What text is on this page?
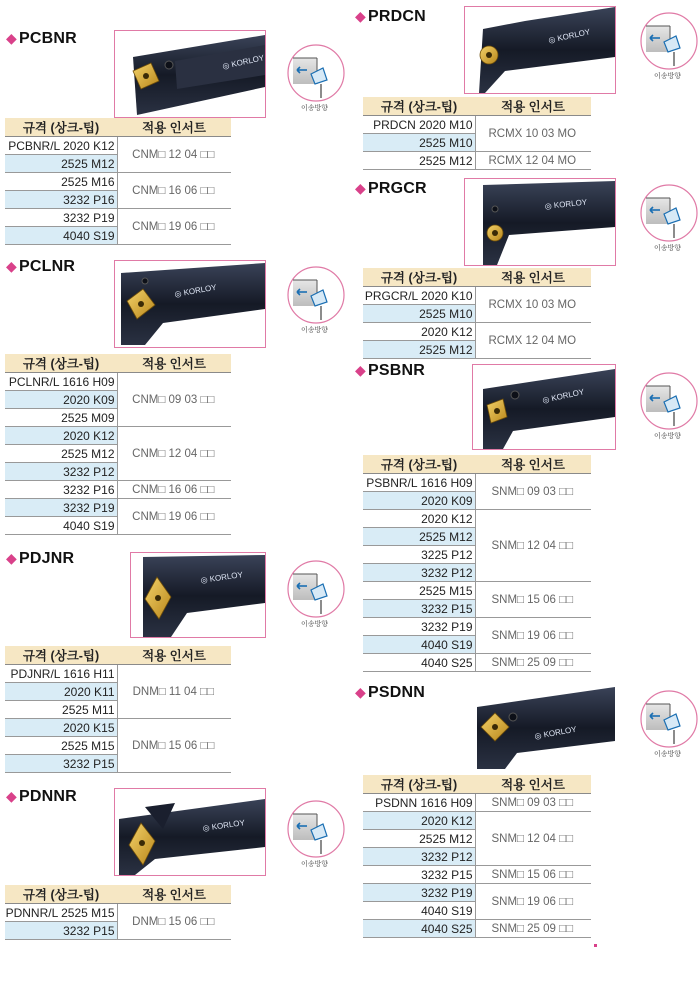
◆ PCBNR
◎ KORLOY
이송방향
규격 (상크-팁)	적용 인서트
PCBNR/L 2020 K12	CNM□ 12 04 □□
2525 M12	
2525 M16	CNM□ 16 06 □□
3232 P16	
3232 P19	CNM□ 19 06 □□
4040 S19	
◆ PCLNR
◎ KORLOY
이송방향
규격 (상크-팁)	적용 인서트
PCLNR/L 1616 H09	CNM□ 09 03 □□
2020 K09	
2525 M09	
2020 K12	CNM□ 12 04 □□
2525 M12	
3232 P12	
3232 P16	CNM□ 16 06 □□
3232 P19	CNM□ 19 06 □□
4040 S19	
◆ PDJNR
◎ KORLOY
이송방향
규격 (상크-팁)	적용 인서트
PDJNR/L 1616 H11	DNM□ 11 04 □□
2020 K11	
2525 M11	
2020 K15	DNM□ 15 06 □□
2525 M15	
3232 P15	
◆ PDNNR
◎ KORLOY
이송방향
규격 (상크-팁)	적용 인서트
PDNNR/L 2525 M15	DNM□ 15 06 □□
3232 P15	
◆ PRDCN
◎ KORLOY
이송방향
규격 (상크-팁)	적용 인서트
PRDCN 2020 M10	RCMX 10 03 MO
2525 M10	
2525 M12	RCMX 12 04 MO
◆ PRGCR
◎ KORLOY
이송방향
규격 (상크-팁)	적용 인서트
PRGCR/L 2020 K10	RCMX 10 03 MO
2525 M10	
2020 K12	RCMX 12 04 MO
2525 M12	
◆ PSBNR
◎ KORLOY
이송방향
규격 (상크-팁)	적용 인서트
PSBNR/L 1616 H09	SNM□ 09 03 □□
2020 K09	
2020 K12	SNM□ 12 04 □□
2525 M12	
3225 P12	
3232 P12	
2525 M15	SNM□ 15 06 □□
3232 P15	
3232 P19	SNM□ 19 06 □□
4040 S19	
4040 S25	SNM□ 25 09 □□
◆ PSDNN
◎ KORLOY
이송방향
규격 (상크-팁)	적용 인서트
PSDNN 1616 H09	SNM□ 09 03 □□
2020 K12	SNM□ 12 04 □□
2525 M12	
3232 P12	
3232 P15	SNM□ 15 06 □□
3232 P19	SNM□ 19 06 □□
4040 S19	
4040 S25	SNM□ 25 09 □□
